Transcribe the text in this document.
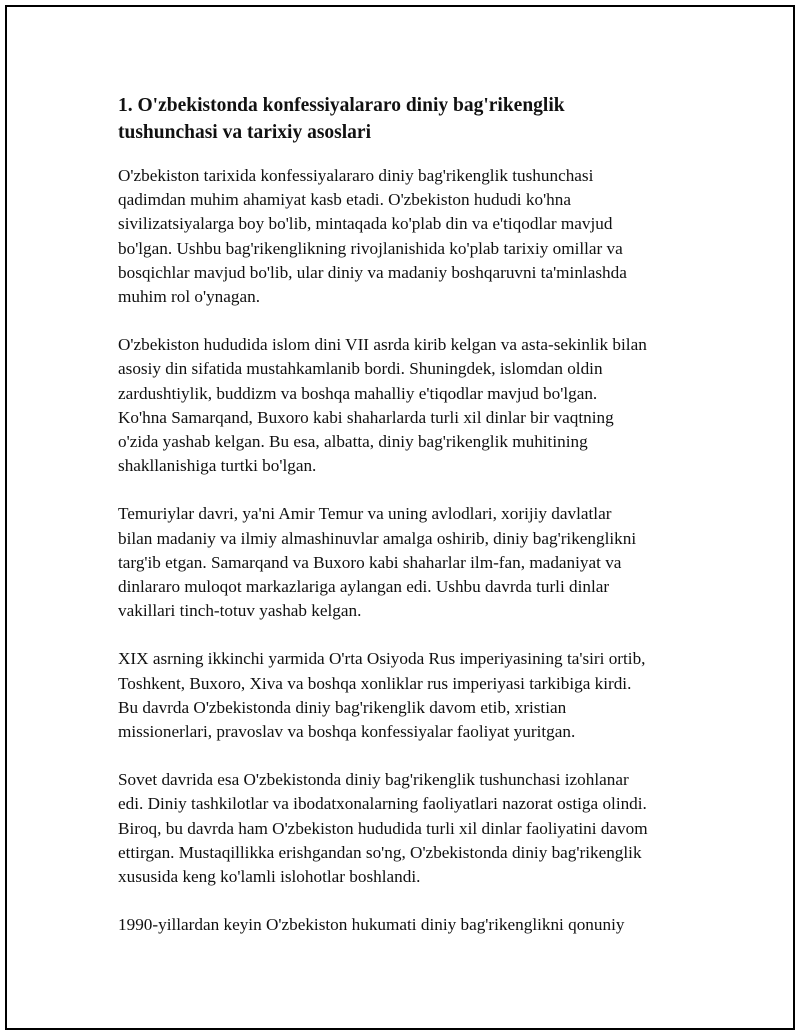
1. O'zbekistonda konfessiyalararo diniy bag'rikenglik
tushunchasi va tarixiy asoslari

O'zbekiston tarixida konfessiyalararo diniy bag'rikenglik tushunchasi
qadimdan muhim ahamiyat kasb etadi. O'zbekiston hududi ko'hna
sivilizatsiyalarga boy bo'lib, mintaqada ko'plab din va e'tiqodlar mavjud
bo'lgan. Ushbu bag'rikenglikning rivojlanishida ko'plab tarixiy omillar va
bosqichlar mavjud bo'lib, ular diniy va madaniy boshqaruvni ta'minlashda
muhim rol o'ynagan.

O'zbekiston hududida islom dini VII asrda kirib kelgan va asta-sekinlik bilan
asosiy din sifatida mustahkamlanib bordi. Shuningdek, islomdan oldin
zardushtiylik, buddizm va boshqa mahalliy e'tiqodlar mavjud bo'lgan.
Ko'hna Samarqand, Buxoro kabi shaharlarda turli xil dinlar bir vaqtning
o'zida yashab kelgan. Bu esa, albatta, diniy bag'rikenglik muhitining
shakllanishiga turtki bo'lgan.

Temuriylar davri, ya'ni Amir Temur va uning avlodlari, xorijiy davlatlar
bilan madaniy va ilmiy almashinuvlar amalga oshirib, diniy bag'rikenglikni
targ'ib etgan. Samarqand va Buxoro kabi shaharlar ilm-fan, madaniyat va
dinlararo muloqot markazlariga aylangan edi. Ushbu davrda turli dinlar
vakillari tinch-totuv yashab kelgan.

XIX asrning ikkinchi yarmida O'rta Osiyoda Rus imperiyasining ta'siri ortib,
Toshkent, Buxoro, Xiva va boshqa xonliklar rus imperiyasi tarkibiga kirdi.
Bu davrda O'zbekistonda diniy bag'rikenglik davom etib, xristian
missionerlari, pravoslav va boshqa konfessiyalar faoliyat yuritgan.

Sovet davrida esa O'zbekistonda diniy bag'rikenglik tushunchasi izohlanar
edi. Diniy tashkilotlar va ibodatxonalarning faoliyatlari nazorat ostiga olindi.
Biroq, bu davrda ham O'zbekiston hududida turli xil dinlar faoliyatini davom
ettirgan. Mustaqillikka erishgandan so'ng, O'zbekistonda diniy bag'rikenglik
xususida keng ko'lamli islohotlar boshlandi.

1990-yillardan keyin O'zbekiston hukumati diniy bag'rikenglikni qonuniy
